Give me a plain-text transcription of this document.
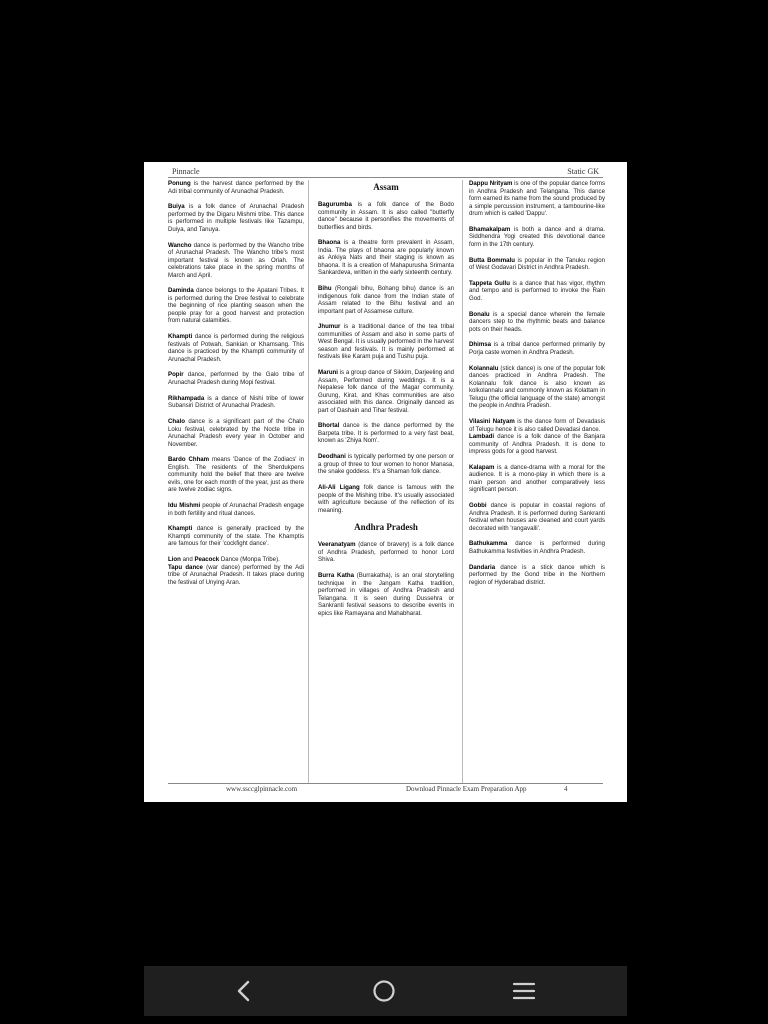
Pinnacle	Static GK

Ponung is the harvest dance performed by the Adi tribal community of Arunachal Pradesh.

Buiya is a folk dance of Arunachal Pradesh performed by the Digaru Mishmi tribe. This dance is performed in multiple festivals like Tazampu, Duiya, and Tanuya.

Wancho dance is performed by the Wancho tribe of Arunachal Pradesh. The Wancho tribe's most important festival is known as Oriah. The celebrations take place in the spring months of March and April.

Daminda dance belongs to the Apatani Tribes. It is performed during the Dree festival to celebrate the beginning of rice planting season when the people pray for a good harvest and protection from natural calamities.

Khampti dance is performed during the religious festivals of Potwah, Sankian or Khamsang. This dance is practiced by the Khampti community of Arunachal Pradesh.

Popir dance, performed by the Galo tribe of Arunachal Pradesh during Mopi festival.

Rikhampada is a dance of Nishi tribe of lower Subansiri District of Arunachal Pradesh.

Chalo dance is a significant part of the Chalo Loku festival, celebrated by the Nocte tribe in Arunachal Pradesh every year in October and November.

Bardo Chham means 'Dance of the Zodiacs' in English. The residents of the Sherdukpens community hold the belief that there are twelve evils, one for each month of the year, just as there are twelve zodiac signs.

Idu Mishmi people of Arunachal Pradesh engage in both fertility and ritual dances.

Khampti dance is generally practiced by the Khampti community of the state. The Khamptis are famous for their 'cockfight dance'.

Lion and Peacock Dance (Monpa Tribe).

Tapu dance (war dance) performed by the Adi tribe of Arunachal Pradesh. It takes place during the festival of Unying Aran.

Assam

Bagurumba is a folk dance of the Bodo community in Assam. It is also called "butterfly dance" because it personifies the movements of butterflies and birds.

Bhaona is a theatre form prevalent in Assam, India. The plays of bhaona are popularly known as Ankiya Nats and their staging is known as bhaona. It is a creation of Mahapurusha Srimanta Sankardeva, written in the early sixteenth century.

Bihu (Rongali bihu, Bohang bihu) dance is an indigenous folk dance from the Indian state of Assam related to the Bihu festival and an important part of Assamese culture.

Jhumur is a traditional dance of the tea tribal communities of Assam and also in some parts of West Bengal. It is usually performed in the harvest season and festivals. It is mainly performed at festivals like Karam puja and Tushu puja.

Maruni is a group dance of Sikkim, Darjeeling and Assam, Performed during weddings. It is a Nepalese folk dance of the Magar community. Gurung, Kirat, and Khas communities are also associated with this dance. Originally danced as part of Dashain and Tihar festival.

Bhortal dance is the dance performed by the Barpeta tribe. It is performed to a very fast beat, known as 'Zhiya Nom'.

Deodhani is typically performed by one person or a group of three to four women to honor Manasa, the snake goddess. It's a Shaman folk dance.

Ali-Ali Ligang folk dance is famous with the people of the Mishing tribe. It's usually associated with agriculture because of the reflection of its meaning.

Andhra Pradesh

Veeranatyam (dance of bravery) is a folk dance of Andhra Pradesh, performed to honor Lord Shiva.

Burra Katha (Burrakatha), is an oral storytelling technique in the Jangam Katha tradition, performed in villages of Andhra Pradesh and Telangana. It is seen during Dussehra or Sankranti festival seasons to describe events in epics like Ramayana and Mahabharat.

Dappu Nrityam is one of the popular dance forms in Andhra Pradesh and Telangana. This dance form earned its name from the sound produced by a simple percussion instrument, a tambourine-like drum which is called 'Dappu'.

Bhamakalpam is both a dance and a drama. Siddhendra Yogi created this devotional dance form in the 17th century.

Butta Bommalu is popular in the Tanuku region of West Godavari District in Andhra Pradesh.

Tappeta Gullu is a dance that has vigor, rhythm and tempo and is performed to invoke the Rain God.

Bonalu is a special dance wherein the female dancers step to the rhythmic beats and balance pots on their heads.

Dhimsa is a tribal dance performed primarily by Porja caste women in Andhra Pradesh.

Kolannalu (stick dance) is one of the popular folk dances practiced in Andhra Pradesh. The Kolannalu folk dance is also known as kolkolannalu and commonly known as Kolattam in Telugu (the official language of the state) amongst the people in Andhra Pradesh.

Vilasini Natyam is the dance form of Devadasis of Telugu hence it is also called Devadasi dance.

Lambadi dance is a folk dance of the Banjara community of Andhra Pradesh. It is done to impress gods for a good harvest.

Kalapam is a dance-drama with a moral for the audience. It is a mono-play in which there is a main person and another comparatively less significant person.

Gobbi dance is popular in coastal regions of Andhra Pradesh. It is performed during Sankranti festival when houses are cleaned and court yards decorated with 'rangavalli'.

Bathukamma dance is performed during Bathukamma festivities in Andhra Pradesh.

Dandaria dance is a stick dance which is performed by the Gond tribe in the Northern region of Hyderabad district.

www.ssccglpinnacle.com	Download Pinnacle Exam Preparation App	4
